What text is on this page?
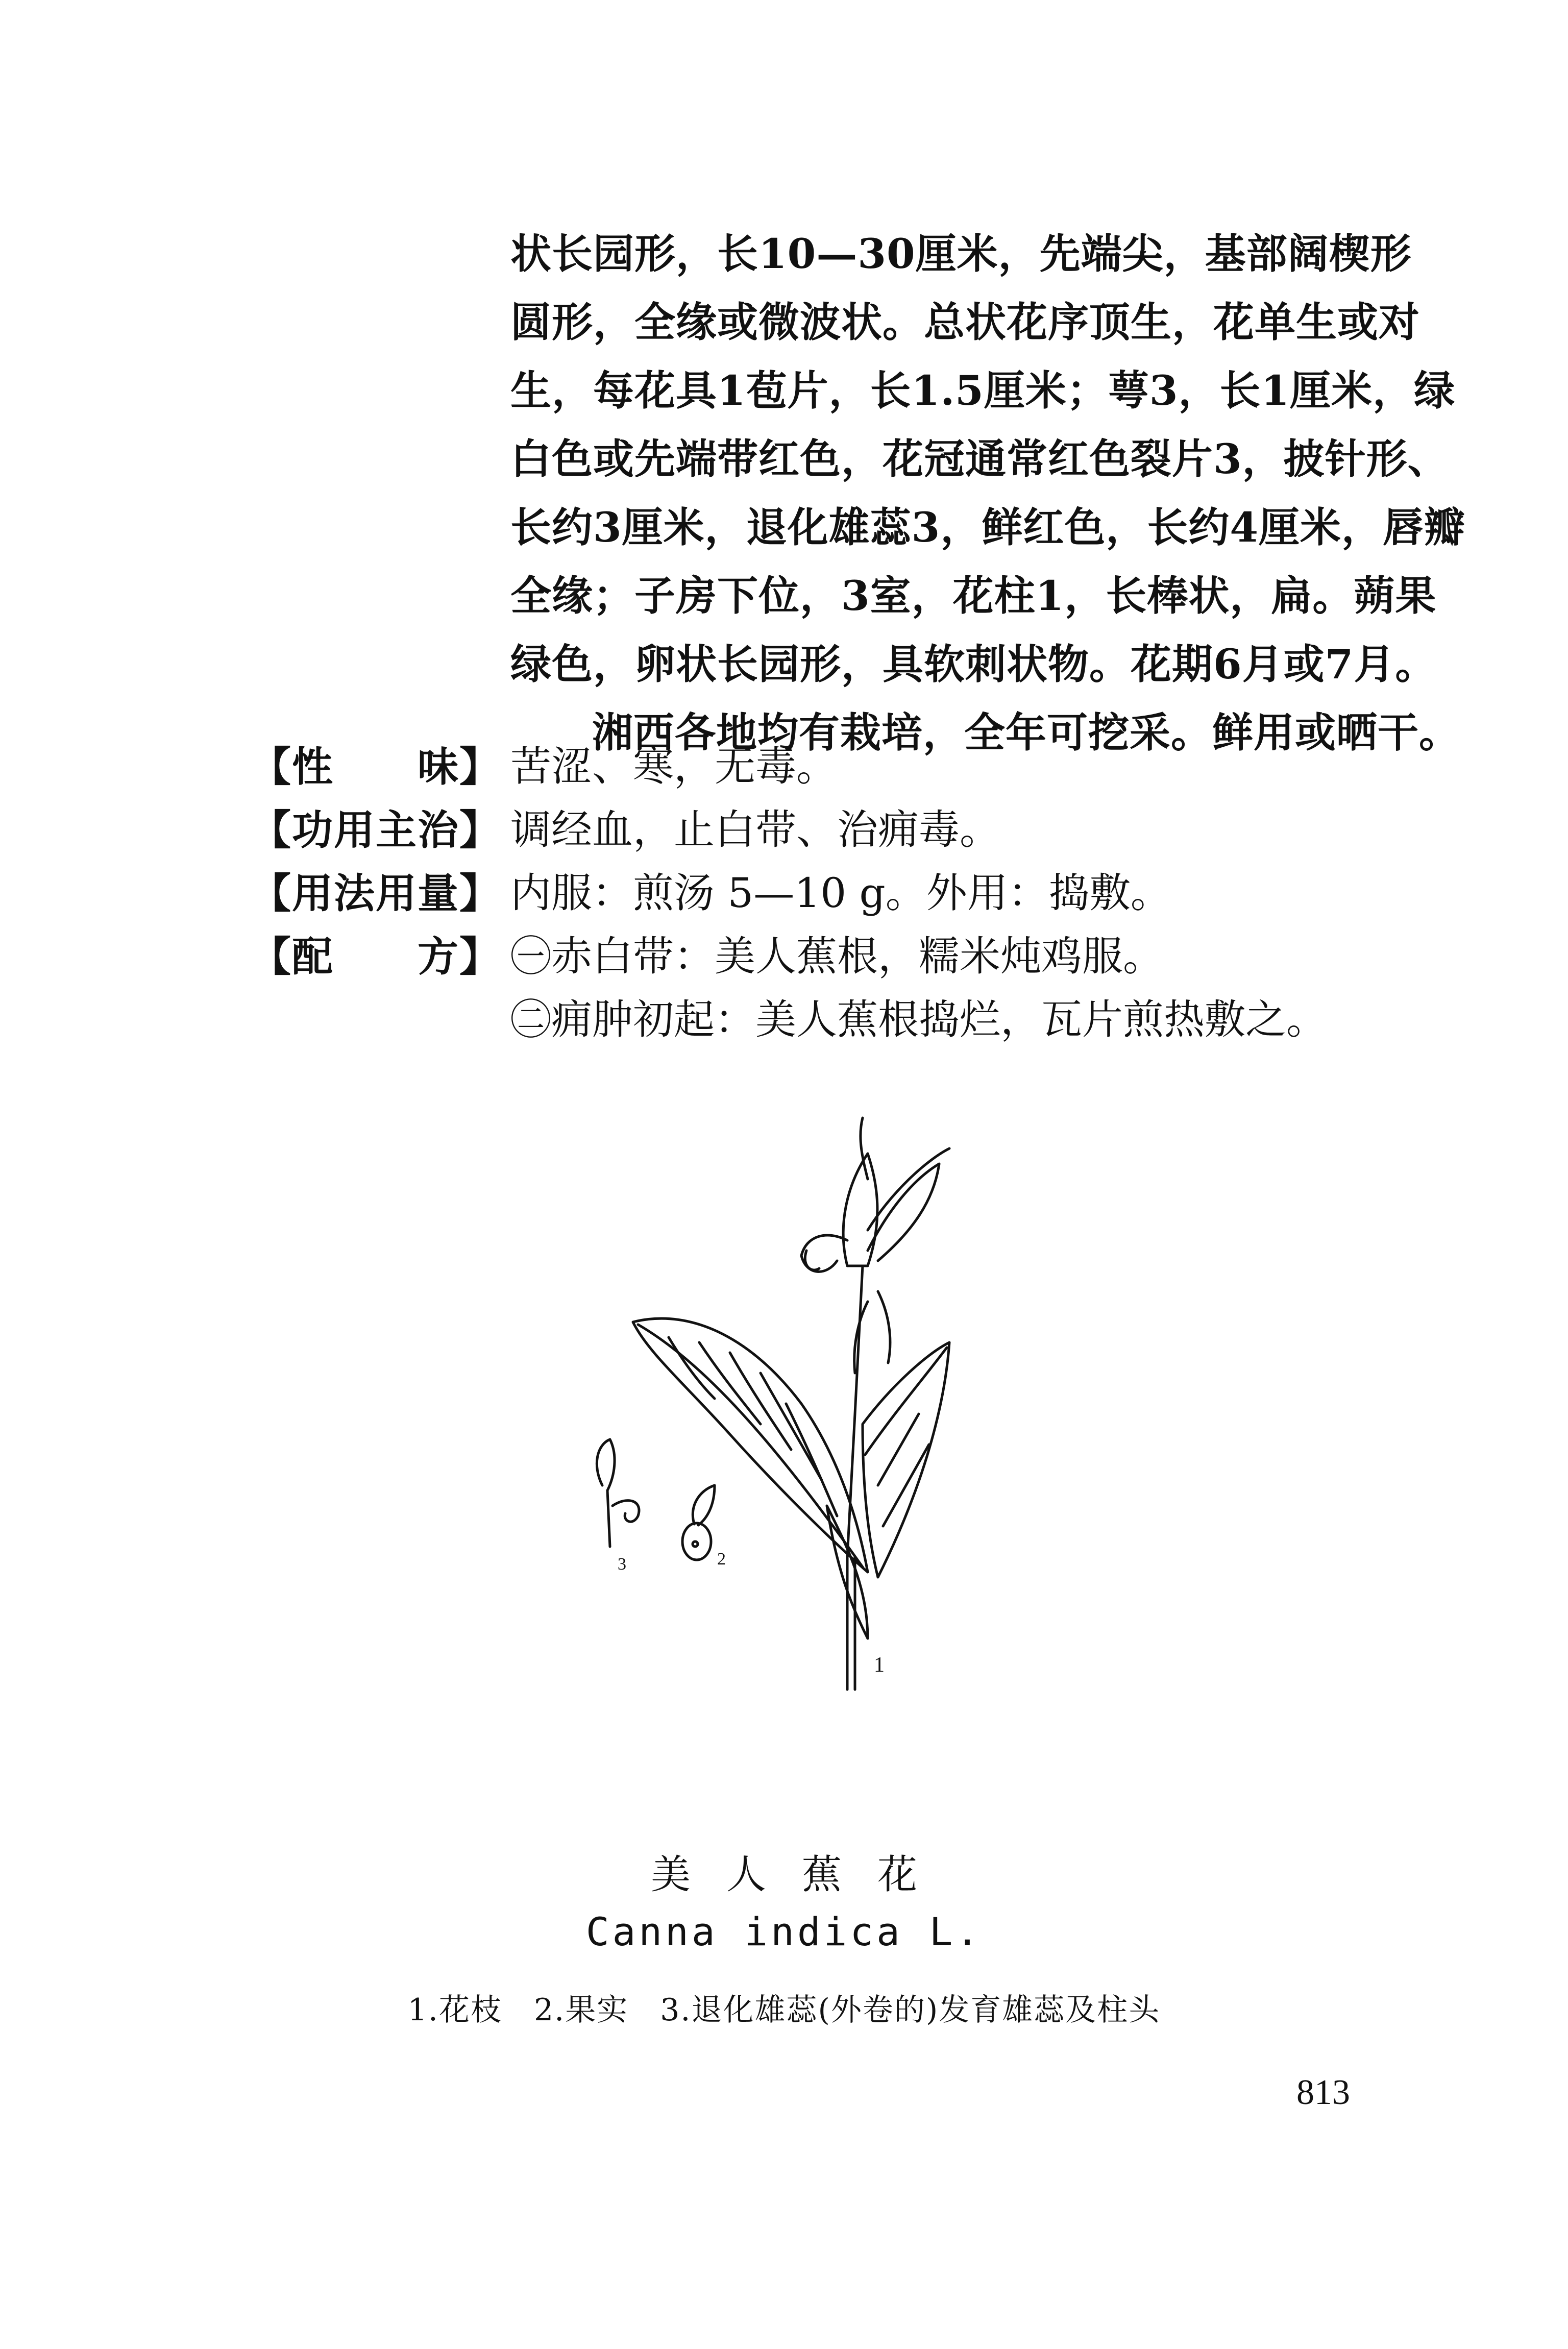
状长园形，长10—30厘米，先端尖，基部阔楔形
圆形，全缘或微波状。总状花序顶生，花单生或对
生，每花具1苞片，长1.5厘米；萼3，长1厘米，绿
白色或先端带红色，花冠通常红色裂片3，披针形、
长约3厘米，退化雄蕊3，鲜红色，长约4厘米，唇瓣
全缘；子房下位，3室，花柱1，长棒状，扁。蒴果
绿色，卵状长园形，具软刺状物。花期6月或7月。
湘西各地均有栽培，全年可挖采。鲜用或晒干。
【性　　味】 苦涩、寒，无毒。
【功用主治】 调经血，止白带、治痈毒。
【用法用量】 内服：煎汤 5—10 g。外用：捣敷。
【配　　方】 ㊀赤白带：美人蕉根，糯米炖鸡服。
㊁痈肿初起：美人蕉根捣烂，瓦片煎热敷之。
1
2
3
美人蕉花
Canna indica L.
1.花枝　2.果实　3.退化雄蕊(外卷的)发育雄蕊及柱头
813
